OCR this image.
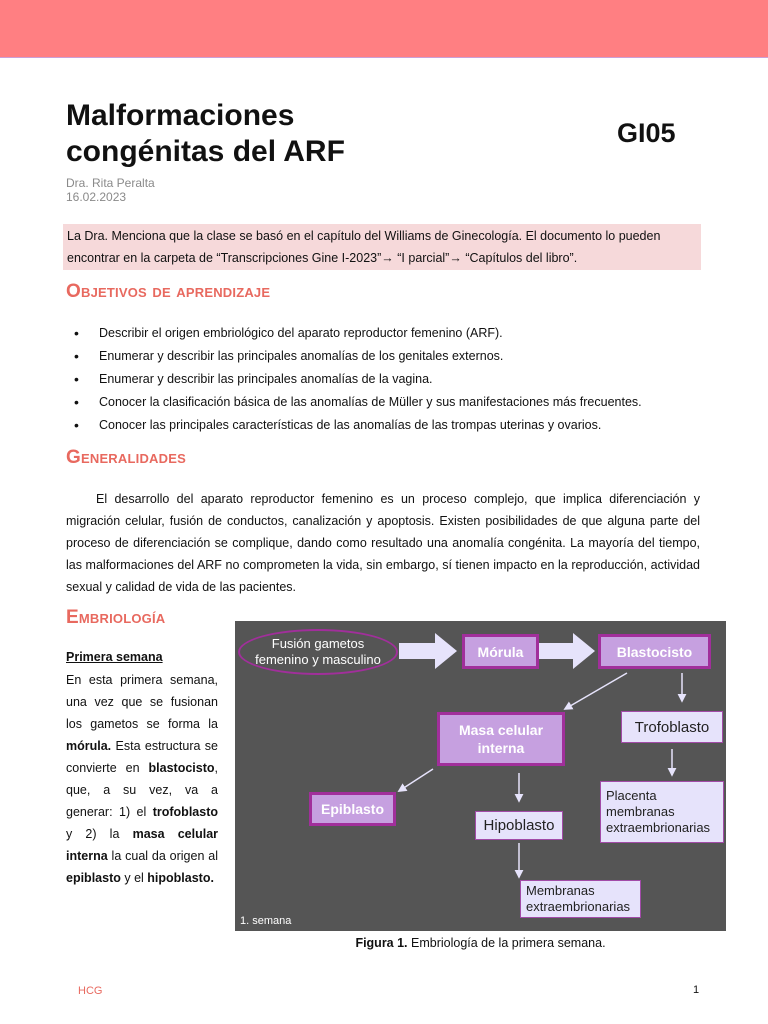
Malformaciones
congénitas del ARF
GI05
Dra. Rita Peralta
16.02.2023
La Dra. Menciona que la clase se basó en el capítulo del Williams de Ginecología. El documento lo pueden encontrar en la carpeta de “Transcripciones Gine I-2023”→ “I parcial”→ “Capítulos del libro”.
Objetivos de aprendizaje
• Describir el origen embriológico del aparato reproductor femenino (ARF).
• Enumerar y describir las principales anomalías de los genitales externos.
• Enumerar y describir las principales anomalías de la vagina.
• Conocer la clasificación básica de las anomalías de Müller y sus manifestaciones más frecuentes.
• Conocer las principales características de las anomalías de las trompas uterinas y ovarios.
Generalidades

El desarrollo del aparato reproductor femenino es un proceso complejo, que implica diferenciación y migración celular, fusión de conductos, canalización y apoptosis. Existen posibilidades de que alguna parte del proceso de diferenciación se complique, dando como resultado una anomalía congénita. La mayoría del tiempo, las malformaciones del ARF no comprometen la vida, sin embargo, sí tienen impacto en la reproducción, actividad sexual y calidad de vida de las pacientes.

Embriología
Primera semana

En esta primera semana, una vez que se fusionan los gametos se forma la mórula. Esta estructura se convierte en blastocisto, que, a su vez, va a generar: 1) el trofoblasto y 2) la masa celular interna la cual da origen al epiblasto y el hipoblasto.

Fusión gametos
femenino y masculino	Mórula	Blastocisto
Masa celular
interna
Trofoblasto
Epiblasto
Hipoblasto
Placenta
membranas
extraembrionarias
Membranas
extraembrionarias
1. semana
Figura 1. Embriología de la primera semana.
HCG	1
